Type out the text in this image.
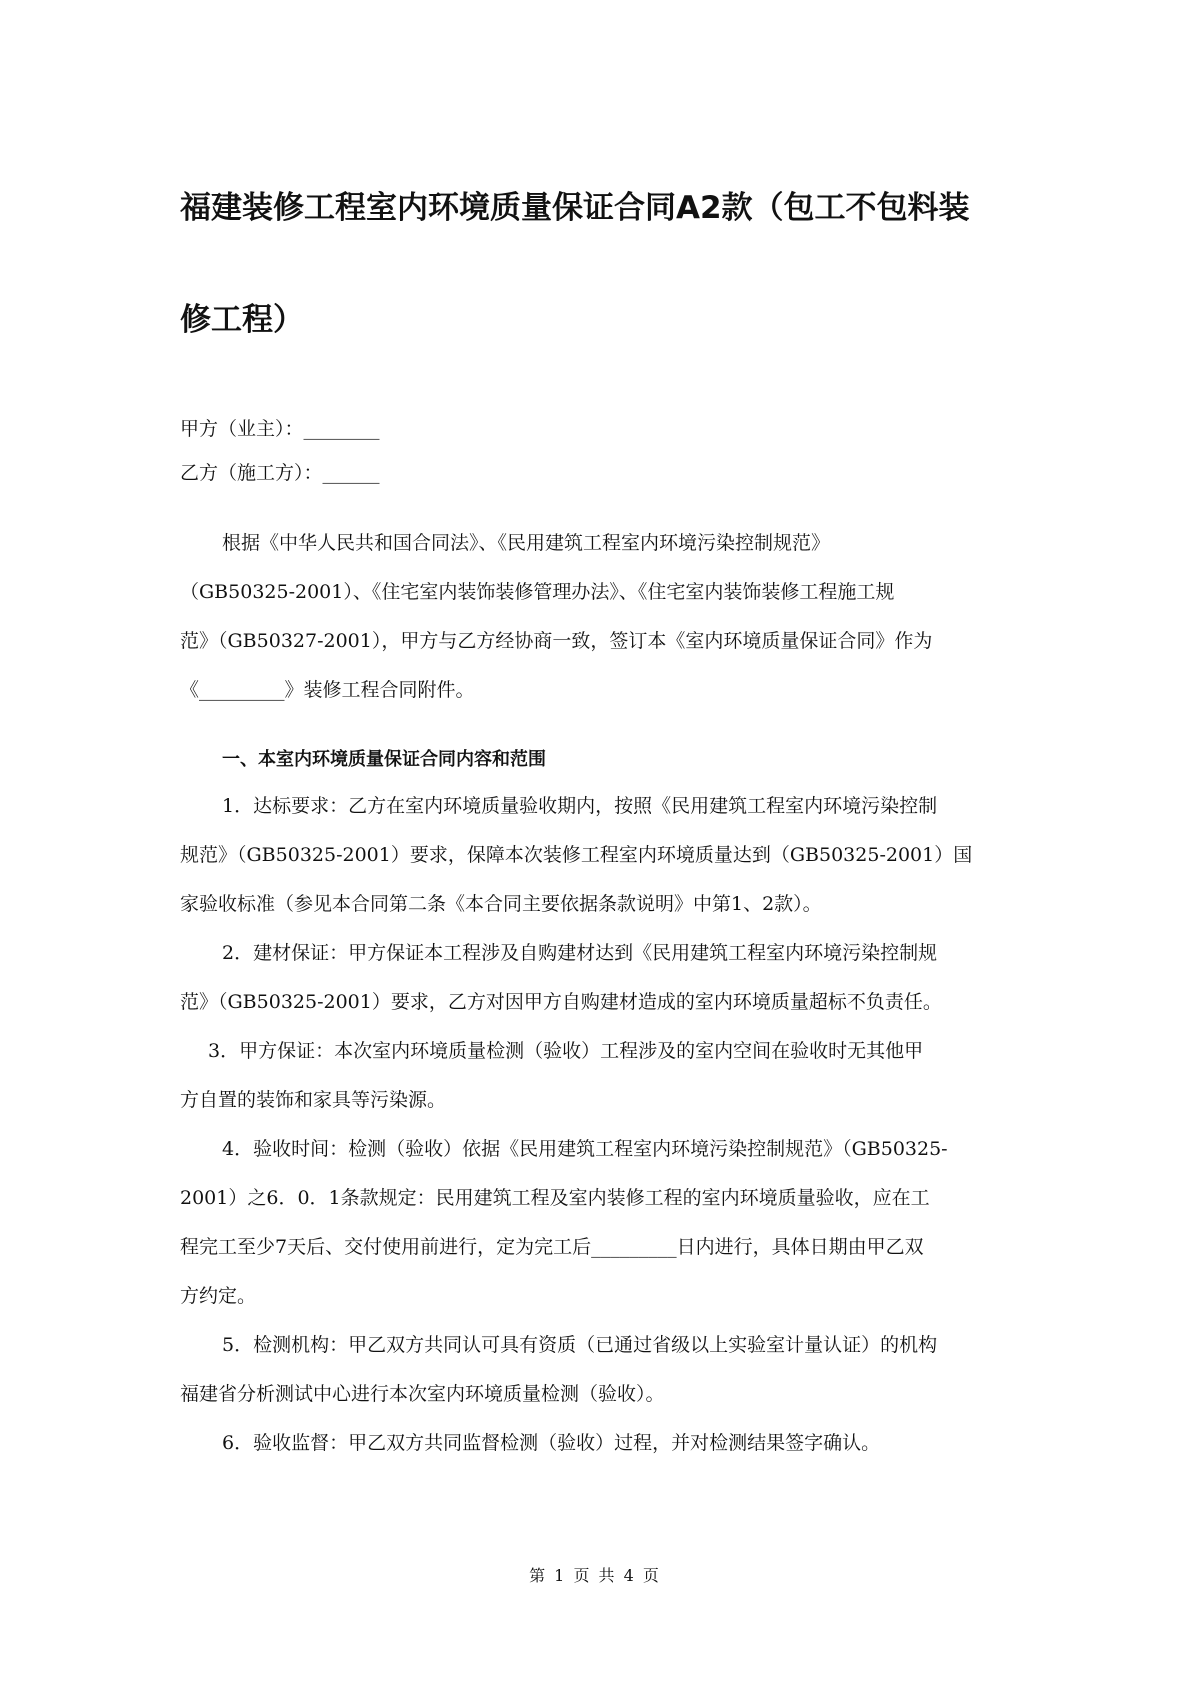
福建装修工程室内环境质量保证合同A2款（包工不包料装
修工程）
甲方（业主）：________
乙方（施工方）：______
根据《中华人民共和国合同法》、《民用建筑工程室内环境污染控制规范》
（GB50325-2001）、《住宅室内装饰装修管理办法》、《住宅室内装饰装修工程施工规
范》（GB50327-2001），甲方与乙方经协商一致，签订本《室内环境质量保证合同》作为
《_________》装修工程合同附件。
一、本室内环境质量保证合同内容和范围
1．达标要求：乙方在室内环境质量验收期内，按照《民用建筑工程室内环境污染控制
规范》（GB50325-2001）要求，保障本次装修工程室内环境质量达到（GB50325-2001）国
家验收标准（参见本合同第二条《本合同主要依据条款说明》中第1、2款）。
2．建材保证：甲方保证本工程涉及自购建材达到《民用建筑工程室内环境污染控制规
范》（GB50325-2001）要求，乙方对因甲方自购建材造成的室内环境质量超标不负责任。
3．甲方保证：本次室内环境质量检测（验收）工程涉及的室内空间在验收时无其他甲
方自置的装饰和家具等污染源。
4．验收时间：检测（验收）依据《民用建筑工程室内环境污染控制规范》（GB50325-
2001）之6．0．1条款规定：民用建筑工程及室内装修工程的室内环境质量验收，应在工
程完工至少7天后、交付使用前进行，定为完工后_________日内进行，具体日期由甲乙双
方约定。
5．检测机构：甲乙双方共同认可具有资质（已通过省级以上实验室计量认证）的机构
福建省分析测试中心进行本次室内环境质量检测（验收）。
6．验收监督：甲乙双方共同监督检测（验收）过程，并对检测结果签字确认。
第 1 页 共 4 页
